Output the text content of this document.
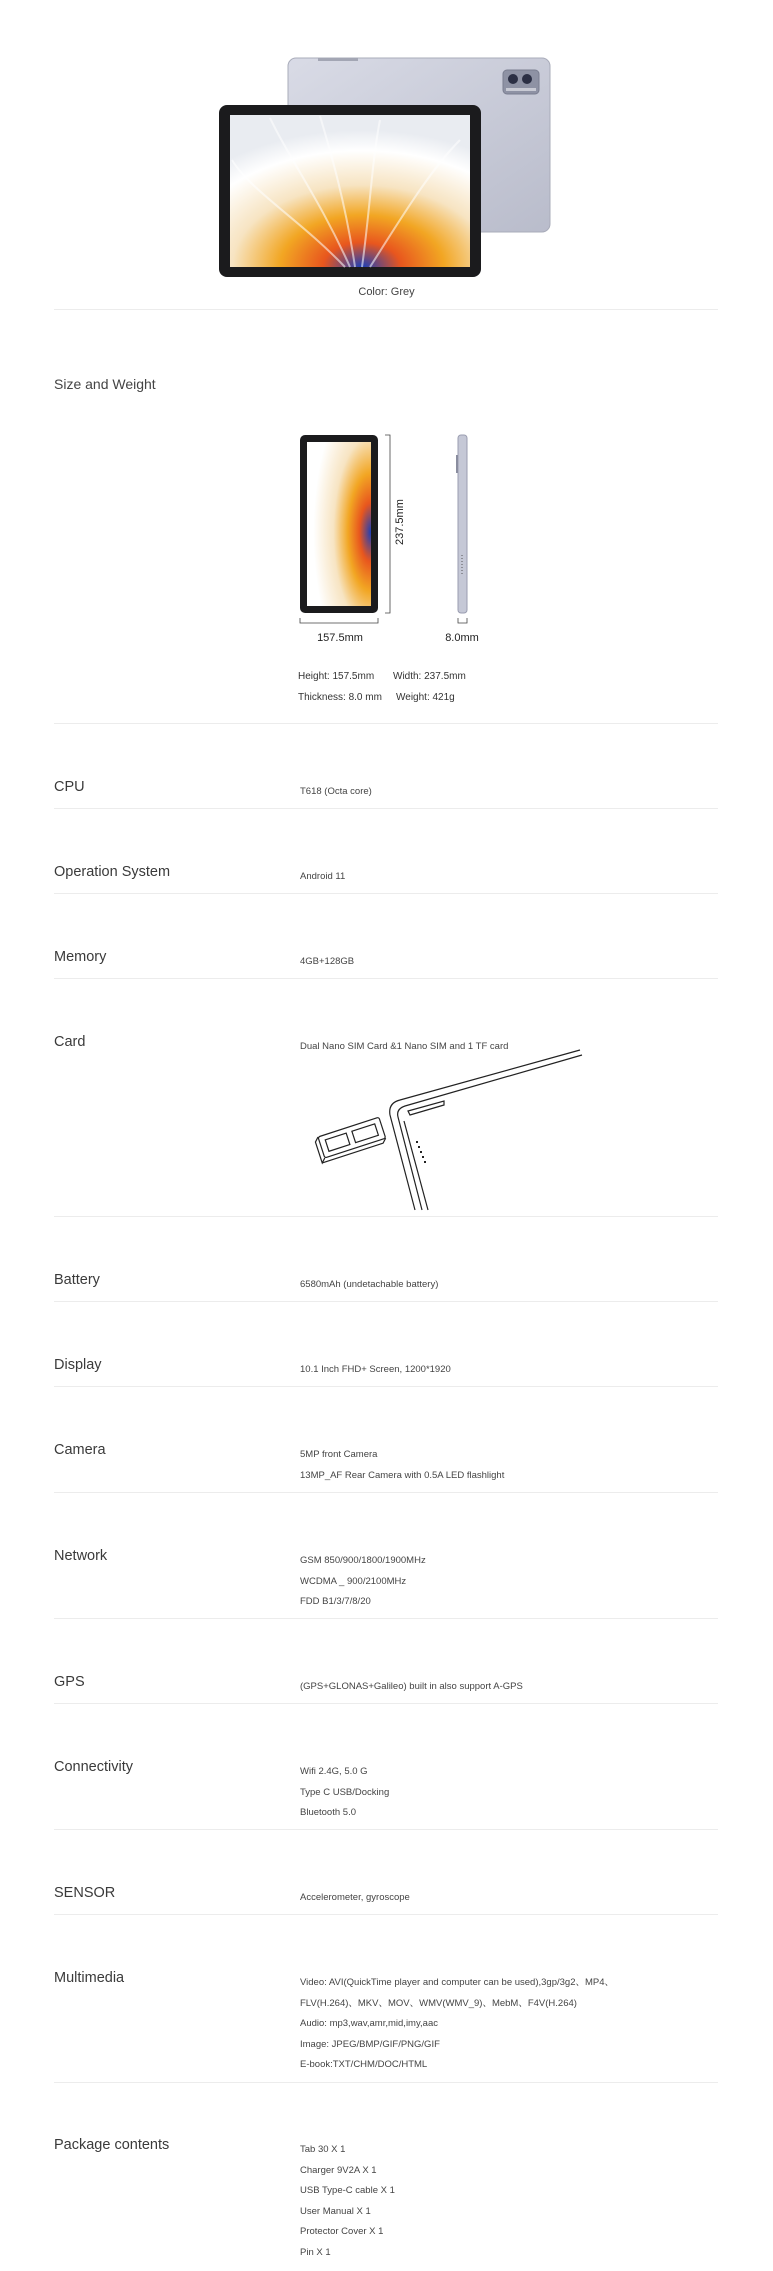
Color: Grey
Size and Weight
237.5mm
157.5mm	8.0mm
Height: 157.5mm Width: 237.5mm
Thickness: 8.0 mm Weight: 421g
CPU	T618 (Octa core)
Operation System	Android 11
Memory	4GB+128GB
Card	Dual Nano SIM Card &1 Nano SIM and 1 TF card
Battery	6580mAh (undetachable battery)
Display	10.1 Inch FHD+ Screen, 1200*1920
Camera	5MP front Camera
13MP_AF Rear Camera with 0.5A LED flashlight
Network	GSM 850/900/1800/1900MHz
WCDMA _ 900/2100MHz
FDD B1/3/7/8/20
GPS	(GPS+GLONAS+Galileo) built in also support A-GPS
Connectivity	Wifi 2.4G, 5.0 G
Type C USB/Docking
Bluetooth 5.0
SENSOR	Accelerometer, gyroscope
Multimedia	Video: AVI(QuickTime player and computer can be used),3gp/3g2、MP4、
FLV(H.264)、MKV、MOV、WMV(WMV_9)、MebM、F4V(H.264)
Audio: mp3,wav,amr,mid,imy,aac
Image: JPEG/BMP/GIF/PNG/GIF
E-book:TXT/CHM/DOC/HTML
Package contents	Tab 30 X 1
Charger 9V2A X 1
USB Type-C cable X 1
User Manual X 1
Protector Cover X 1
Pin X 1
